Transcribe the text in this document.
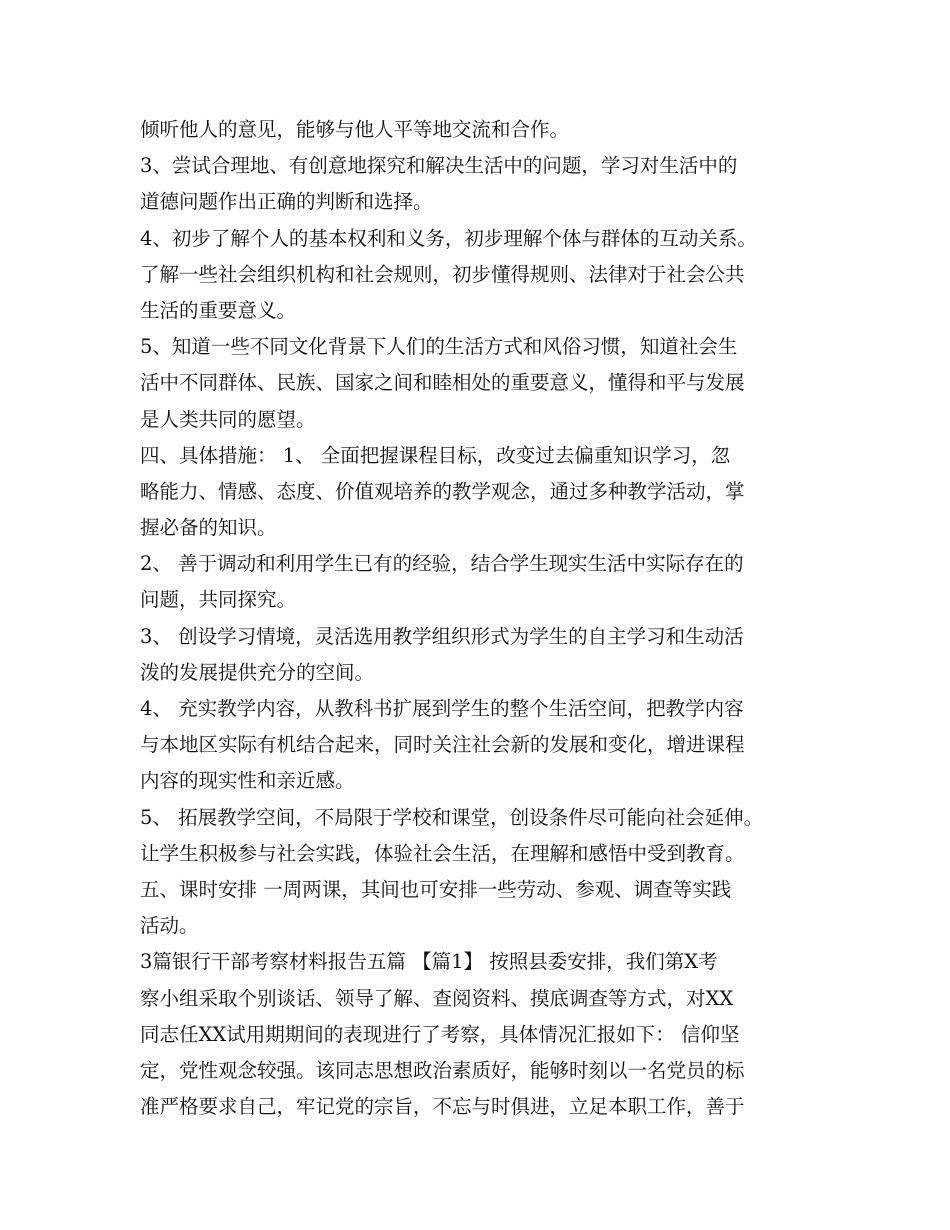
倾听他人的意见，能够与他人平等地交流和合作。
3、尝试合理地、有创意地探究和解决生活中的问题，学习对生活中的
道德问题作出正确的判断和选择。
4、初步了解个人的基本权利和义务，初步理解个体与群体的互动关系。
了解一些社会组织机构和社会规则，初步懂得规则、法律对于社会公共
生活的重要意义。
5、知道一些不同文化背景下人们的生活方式和风俗习惯，知道社会生
活中不同群体、民族、国家之间和睦相处的重要意义，懂得和平与发展
是人类共同的愿望。
四、具体措施： 1、 全面把握课程目标，改变过去偏重知识学习，忽
略能力、情感、态度、价值观培养的教学观念，通过多种教学活动，掌
握必备的知识。
2、 善于调动和利用学生已有的经验，结合学生现实生活中实际存在的
问题，共同探究。
3、 创设学习情境，灵活选用教学组织形式为学生的自主学习和生动活
泼的发展提供充分的空间。
4、 充实教学内容，从教科书扩展到学生的整个生活空间，把教学内容
与本地区实际有机结合起来，同时关注社会新的发展和变化，增进课程
内容的现实性和亲近感。
5、 拓展教学空间，不局限于学校和课堂，创设条件尽可能向社会延伸。
让学生积极参与社会实践，体验社会生活，在理解和感悟中受到教育。
五、课时安排 一周两课，其间也可安排一些劳动、参观、调查等实践
活动。
3篇银行干部考察材料报告五篇 【篇1】 按照县委安排，我们第X考
察小组采取个别谈话、领导了解、查阅资料、摸底调查等方式，对XX
同志任XX试用期期间的表现进行了考察，具体情况汇报如下： 信仰坚
定，党性观念较强。该同志思想政治素质好，能够时刻以一名党员的标
准严格要求自己，牢记党的宗旨，不忘与时俱进，立足本职工作，善于
